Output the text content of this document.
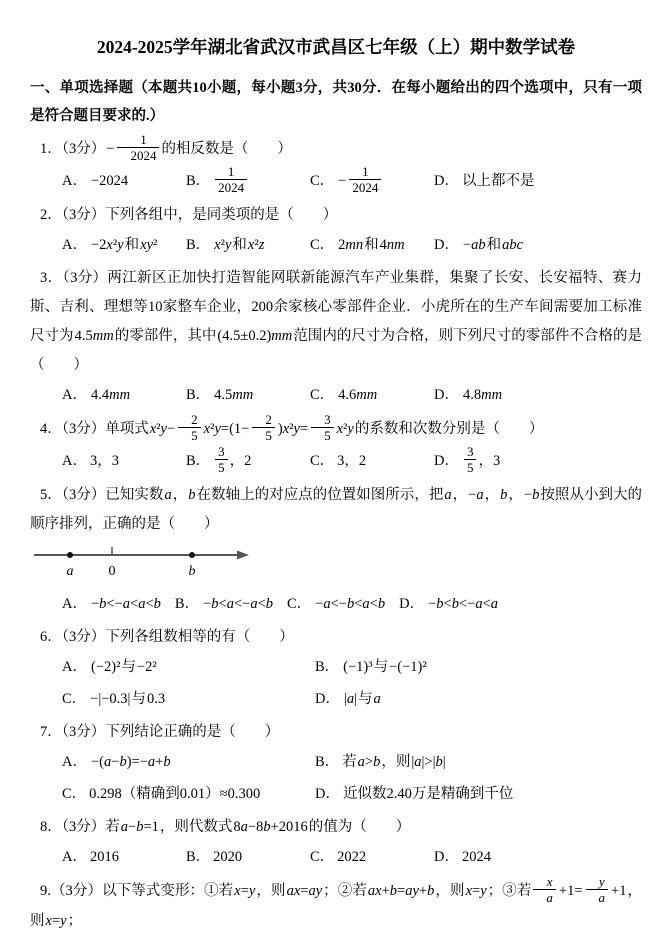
2024-2025学年湖北省武汉市武昌区七年级（上）期中数学试卷
一、单项选择题（本题共10小题，每小题3分，共30分．在每小题给出的四个选项中，只有一项是符合题目要求的.）
1．（3分）− $\frac{1}{2024}$ 的相反数是（　　）
A． −2024	B． $\frac{1}{2024}$	C． − $\frac{1}{2024}$	D． 以上都不是
2．（3分）下列各组中，是同类项的是（　　）
A． −2x²y和xy² B． x²y和x²z	C． 2mn和4nm D． −ab和abc
3．（3分）两江新区正加快打造智能网联新能源汽车产业集群，集聚了长安、长安福特、赛力斯、吉利、理想等10家整车企业，200余家核心零部件企业．小虎所在的生产车间需要加工标准尺寸为4.5mm的零部件，其中(4.5±0.2)mm范围内的尺寸为合格，则下列尺寸的零部件不合格的是（　　）
A． 4.4mm	B． 4.5mm	C． 4.6mm	D． 4.8mm
4．（3分）单项式$x^2y- \frac{2}{5} x^2y=(1- \frac{2}{5} )x^2y= \frac{3}{5} x^2y$的系数和次数分别是（　　）
A． 3，3	B． $\frac{3}{5}$ ，2	C． 3，2	D． $\frac{3}{5}$ ，3
5．（3分）已知实数a，b在数轴上的对应点的位置如图所示，把a，−a，b，−b按照从小到大的顺序排列，正确的是（　　）
a	0	b
A． −b<−a<a<b B． −b<a<−a<b C． −a<−b<a<b D． −b<b<−a<a
6．（3分）下列各组数相等的有（　　）
A． (−2)²与−2²	B． (−1)³与−(−1)²
C． −|−0.3|与0.3	D． |a|与a
7．（3分）下列结论正确的是（　　）
A． −(a−b)=−a+b	B． 若a>b，则|a|>|b|
C． 0.298（精确到0.01）≈0.300	D． 近似数2.40万是精确到千位
8．（3分）若a−b=1，则代数式8a−8b+2016的值为（　　）
A． 2016	B． 2020	C． 2022	D． 2024
9.（3分）以下等式变形：①若x=y，则ax=ay；②若ax+b=ay+b，则x=y；③若 $\frac{x}{a} +1= \frac{y}{a} +1$，则x=y；
